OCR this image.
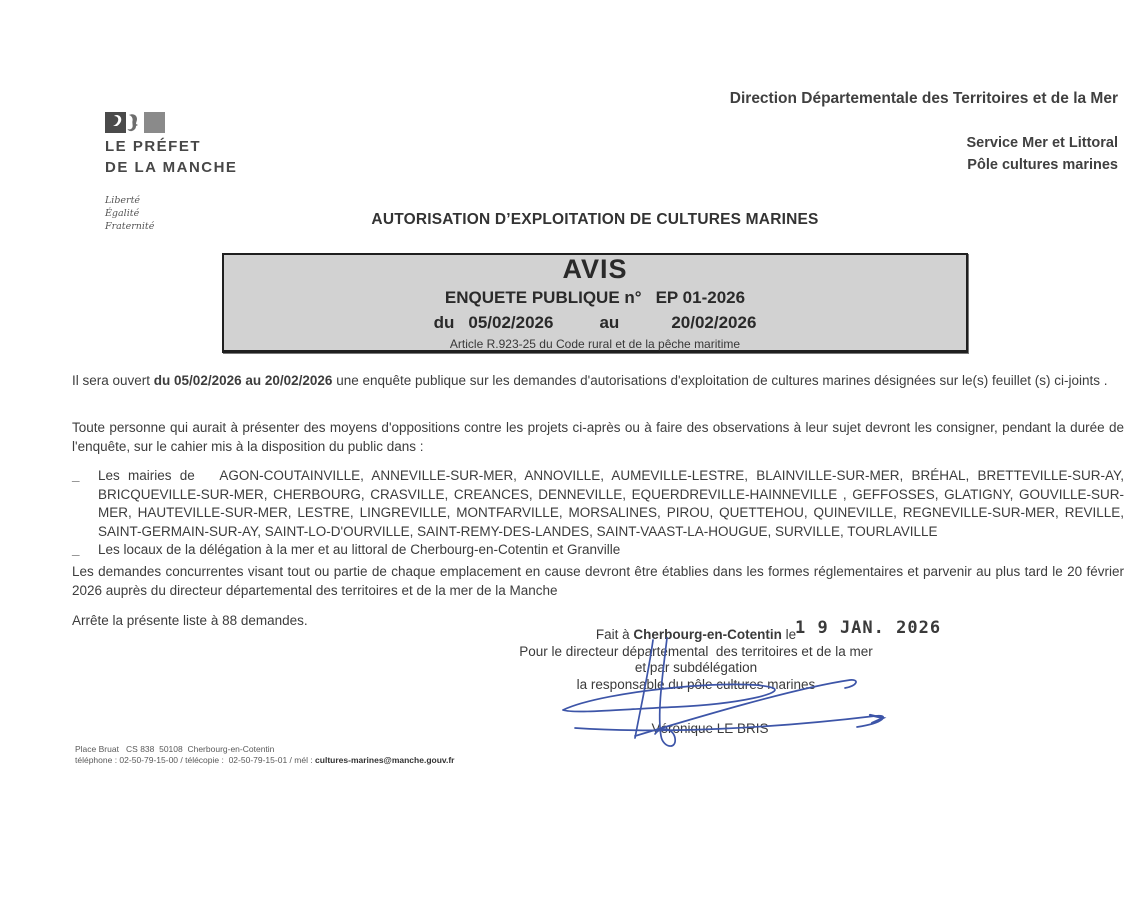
LE PRÉFET
DE LA MANCHE
Liberté
Égalité
Fraternité
Direction Départementale des Territoires et de la Mer
Service Mer et Littoral
Pôle cultures marines
AUTORISATION D’EXPLOITATION DE CULTURES MARINES
AVIS
ENQUETE PUBLIQUE n° EP 01-2026
du 05/02/2026	au	20/02/2026
Article R.923-25 du Code rural et de la pêche maritime
Il sera ouvert du 05/02/2026 au 20/02/2026 une enquête publique sur les demandes d'autorisations d'exploitation de cultures marines désignées sur le(s) feuillet (s) ci-joints .
Toute personne qui aurait à présenter des moyens d'oppositions contre les projets ci-après ou à faire des observations à leur sujet devront les consigner, pendant la durée de l'enquête, sur le cahier mis à la disposition du public dans :
_	Les mairies de   AGON-COUTAINVILLE, ANNEVILLE-SUR-MER, ANNOVILLE, AUMEVILLE-LESTRE, BLAINVILLE-SUR-MER, BRÉHAL, BRETTEVILLE-SUR-AY, BRICQUEVILLE-SUR-MER, CHERBOURG, CRASVILLE, CREANCES, DENNEVILLE, EQUERDREVILLE-HAINNEVILLE , GEFFOSSES, GLATIGNY, GOUVILLE-SUR-MER, HAUTEVILLE-SUR-MER, LESTRE, LINGREVILLE, MONTFARVILLE, MORSALINES, PIROU, QUETTEHOU, QUINEVILLE, REGNEVILLE-SUR-MER, REVILLE, SAINT-GERMAIN-SUR-AY, SAINT-LO-D'OURVILLE, SAINT-REMY-DES-LANDES, SAINT-VAAST-LA-HOUGUE, SURVILLE, TOURLAVILLE
_	Les locaux de la délégation à la mer et au littoral de Cherbourg-en-Cotentin et Granville
Les demandes concurrentes visant tout ou partie de chaque emplacement en cause devront être établies dans les formes réglementaires et parvenir au plus tard le 20 février 2026 auprès du directeur départemental des territoires et de la mer de la Manche
Arrête la présente liste à 88 demandes.
Fait à Cherbourg-en-Cotentin le
Pour le directeur départemental  des territoires et de la mer
et par subdélégation
la responsable du pôle cultures marines
1 9 JAN. 2026
Véronique LE BRIS
Place Bruat   CS 838  50108  Cherbourg-en-Cotentin
téléphone : 02-50-79-15-00 / télécopie :  02-50-79-15-01 / mél : cultures-marines@manche.gouv.fr
